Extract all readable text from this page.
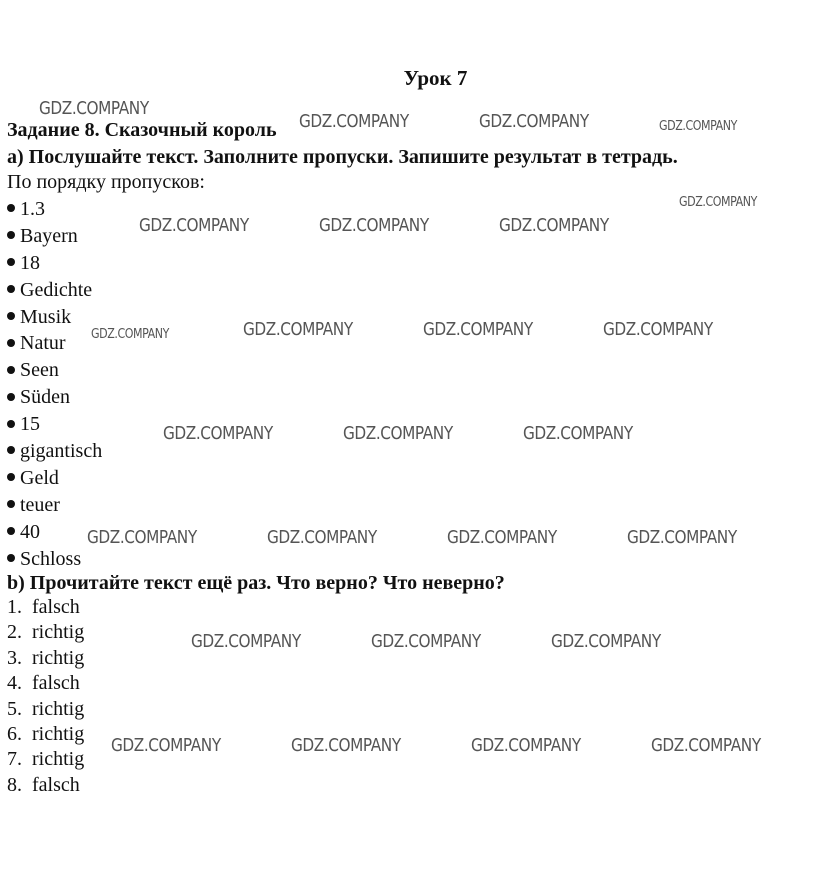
Урок 7
Задание 8. Сказочный король
a) Послушайте текст. Заполните пропуски. Запишите результат в тетрадь.
По порядку пропусков:
1.3
Bayern
18
Gedichte
Musik
Natur
Seen
Süden
15
gigantisch
Geld
teuer
40
Schloss
b) Прочитайте текст ещё раз. Что верно? Что неверно?
1. falsch
2. richtig
3. richtig
4. falsch
5. richtig
6. richtig
7. richtig
8. falsch
GDZ.COMPANY
GDZ.COMPANY	GDZ.COMPANY	GDZ.COMPANY
GDZ.COMPANY
GDZ.COMPANY	GDZ.COMPANY	GDZ.COMPANY
GDZ.COMPANY	GDZ.COMPANY	GDZ.COMPANY	GDZ.COMPANY
GDZ.COMPANY	GDZ.COMPANY	GDZ.COMPANY
GDZ.COMPANY	GDZ.COMPANY	GDZ.COMPANY	GDZ.COMPANY
GDZ.COMPANY	GDZ.COMPANY	GDZ.COMPANY
GDZ.COMPANY	GDZ.COMPANY	GDZ.COMPANY	GDZ.COMPANY
